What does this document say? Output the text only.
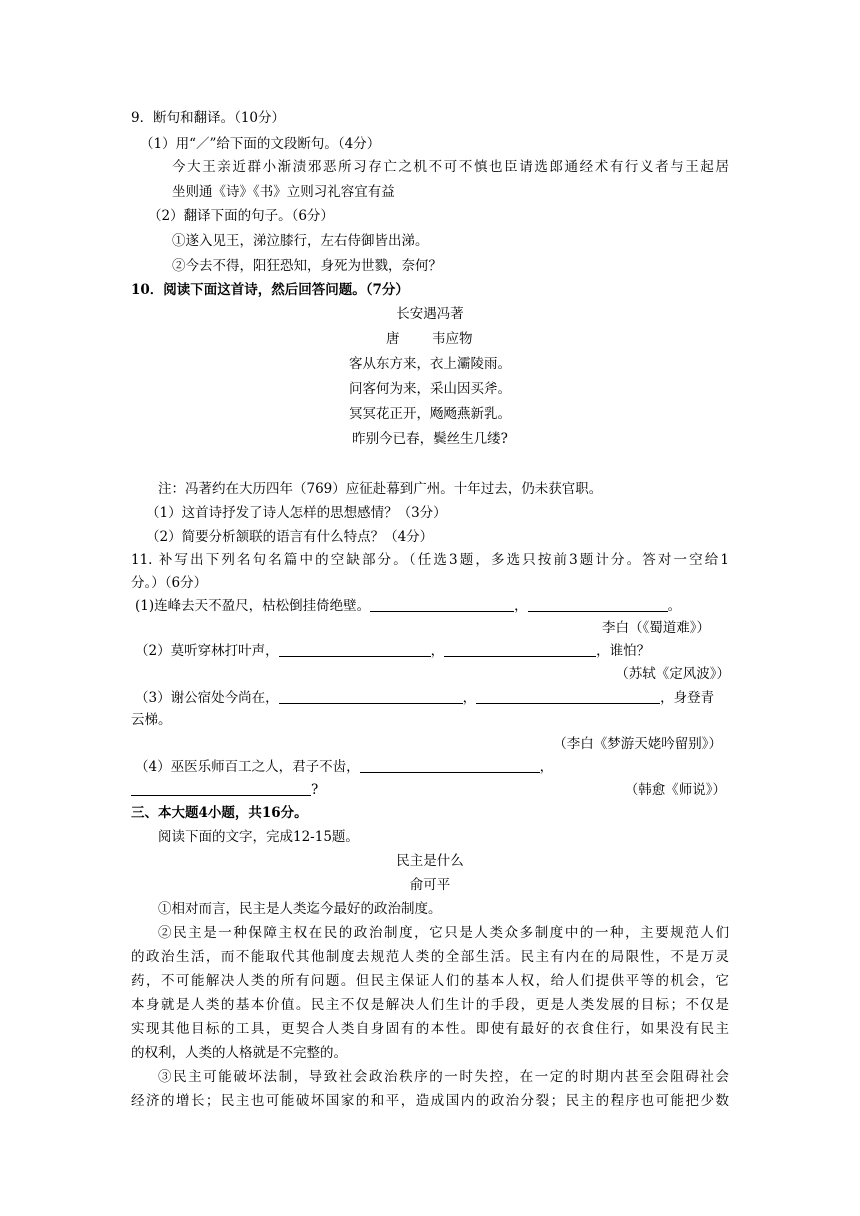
9．断句和翻译。（10分）
（1）用“／”给下面的文段断句。（4分）
今大王亲近群小渐渍邪恶所习存亡之机不可不慎也臣请选郎通经术有行义者与王起居
坐则通《诗》《书》立则习礼容宜有益
（2）翻译下面的句子。（6分）
①遂入见王，涕泣膝行，左右侍御皆出涕。
②今去不得，阳狂恐知，身死为世戮，奈何？
10．阅读下面这首诗，然后回答问题。（7分）
长安遇冯著
唐 韦应物
客从东方来，衣上灞陵雨。
问客何为来，采山因买斧。
冥冥花正开，飏飏燕新乳。
昨别今已春，鬓丝生几缕?
注：冯著约在大历四年（769）应征赴幕到广州。十年过去，仍未获官职。
（1）这首诗抒发了诗人怎样的思想感情？（3分）
（2）简要分析颔联的语言有什么特点？（4分）
11. 补写出下列名句名篇中的空缺部分。（任选3题，多选只按前3题计分。答对一空给1
分。）（6分）
(1)连峰去天不盈尺，枯松倒挂倚绝壁。	，	。
李白（《蜀道难》）
（2）莫听穿林打叶声，	，	，谁怕？
（苏轼《定风波》）
（3）谢公宿处今尚在，	，	，身登青
云梯。
（李白《梦游天姥吟留别》）
（4）巫医乐师百工之人，君子不齿，	，
?	（韩愈《师说》）
三、本大题4小题，共16分。
阅读下面的文字，完成12-15题。
民主是什么
俞可平
①相对而言，民主是人类迄今最好的政治制度。
②民主是一种保障主权在民的政治制度，它只是人类众多制度中的一种，主要规范人们
的政治生活，而不能取代其他制度去规范人类的全部生活。民主有内在的局限性，不是万灵
药，不可能解决人类的所有问题。但民主保证人们的基本人权，给人们提供平等的机会，它
本身就是人类的基本价值。民主不仅是解决人们生计的手段，更是人类发展的目标；不仅是
实现其他目标的工具，更契合人类自身固有的本性。即使有最好的衣食住行，如果没有民主
的权利，人类的人格就是不完整的。
③民主可能破坏法制，导致社会政治秩序的一时失控，在一定的时期内甚至会阻碍社会
经济的增长；民主也可能破坏国家的和平，造成国内的政治分裂；民主的程序也可能把少数
